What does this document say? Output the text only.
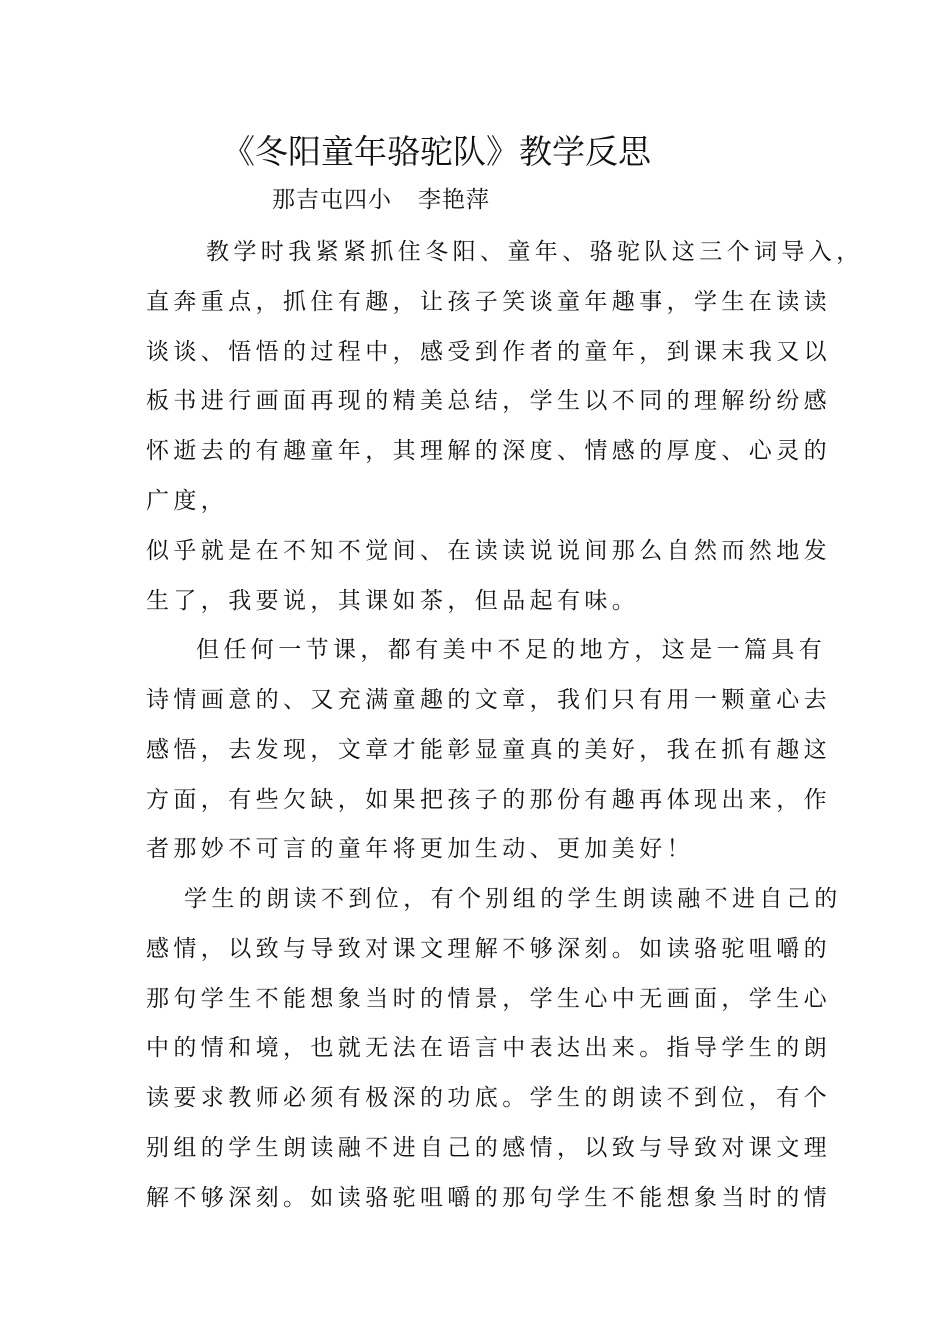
《冬阳童年骆驼队》教学反思
那吉屯四小 李艳萍
教学时我紧紧抓住冬阳、童年、骆驼队这三个词导入，
直奔重点，抓住有趣，让孩子笑谈童年趣事，学生在读读
谈谈、悟悟的过程中，感受到作者的童年，到课末我又以
板书进行画面再现的精美总结，学生以不同的理解纷纷感
怀逝去的有趣童年，其理解的深度、情感的厚度、心灵的
广度，
似乎就是在不知不觉间、在读读说说间那么自然而然地发
生了，我要说，其课如茶，但品起有味。
但任何一节课，都有美中不足的地方，这是一篇具有
诗情画意的、又充满童趣的文章，我们只有用一颗童心去
感悟，去发现，文章才能彰显童真的美好，我在抓有趣这
方面，有些欠缺，如果把孩子的那份有趣再体现出来，作
者那妙不可言的童年将更加生动、更加美好！
学生的朗读不到位，有个别组的学生朗读融不进自己的
感情，以致与导致对课文理解不够深刻。如读骆驼咀嚼的
那句学生不能想象当时的情景，学生心中无画面，学生心
中的情和境，也就无法在语言中表达出来。指导学生的朗
读要求教师必须有极深的功底。学生的朗读不到位，有个
别组的学生朗读融不进自己的感情，以致与导致对课文理
解不够深刻。如读骆驼咀嚼的那句学生不能想象当时的情
